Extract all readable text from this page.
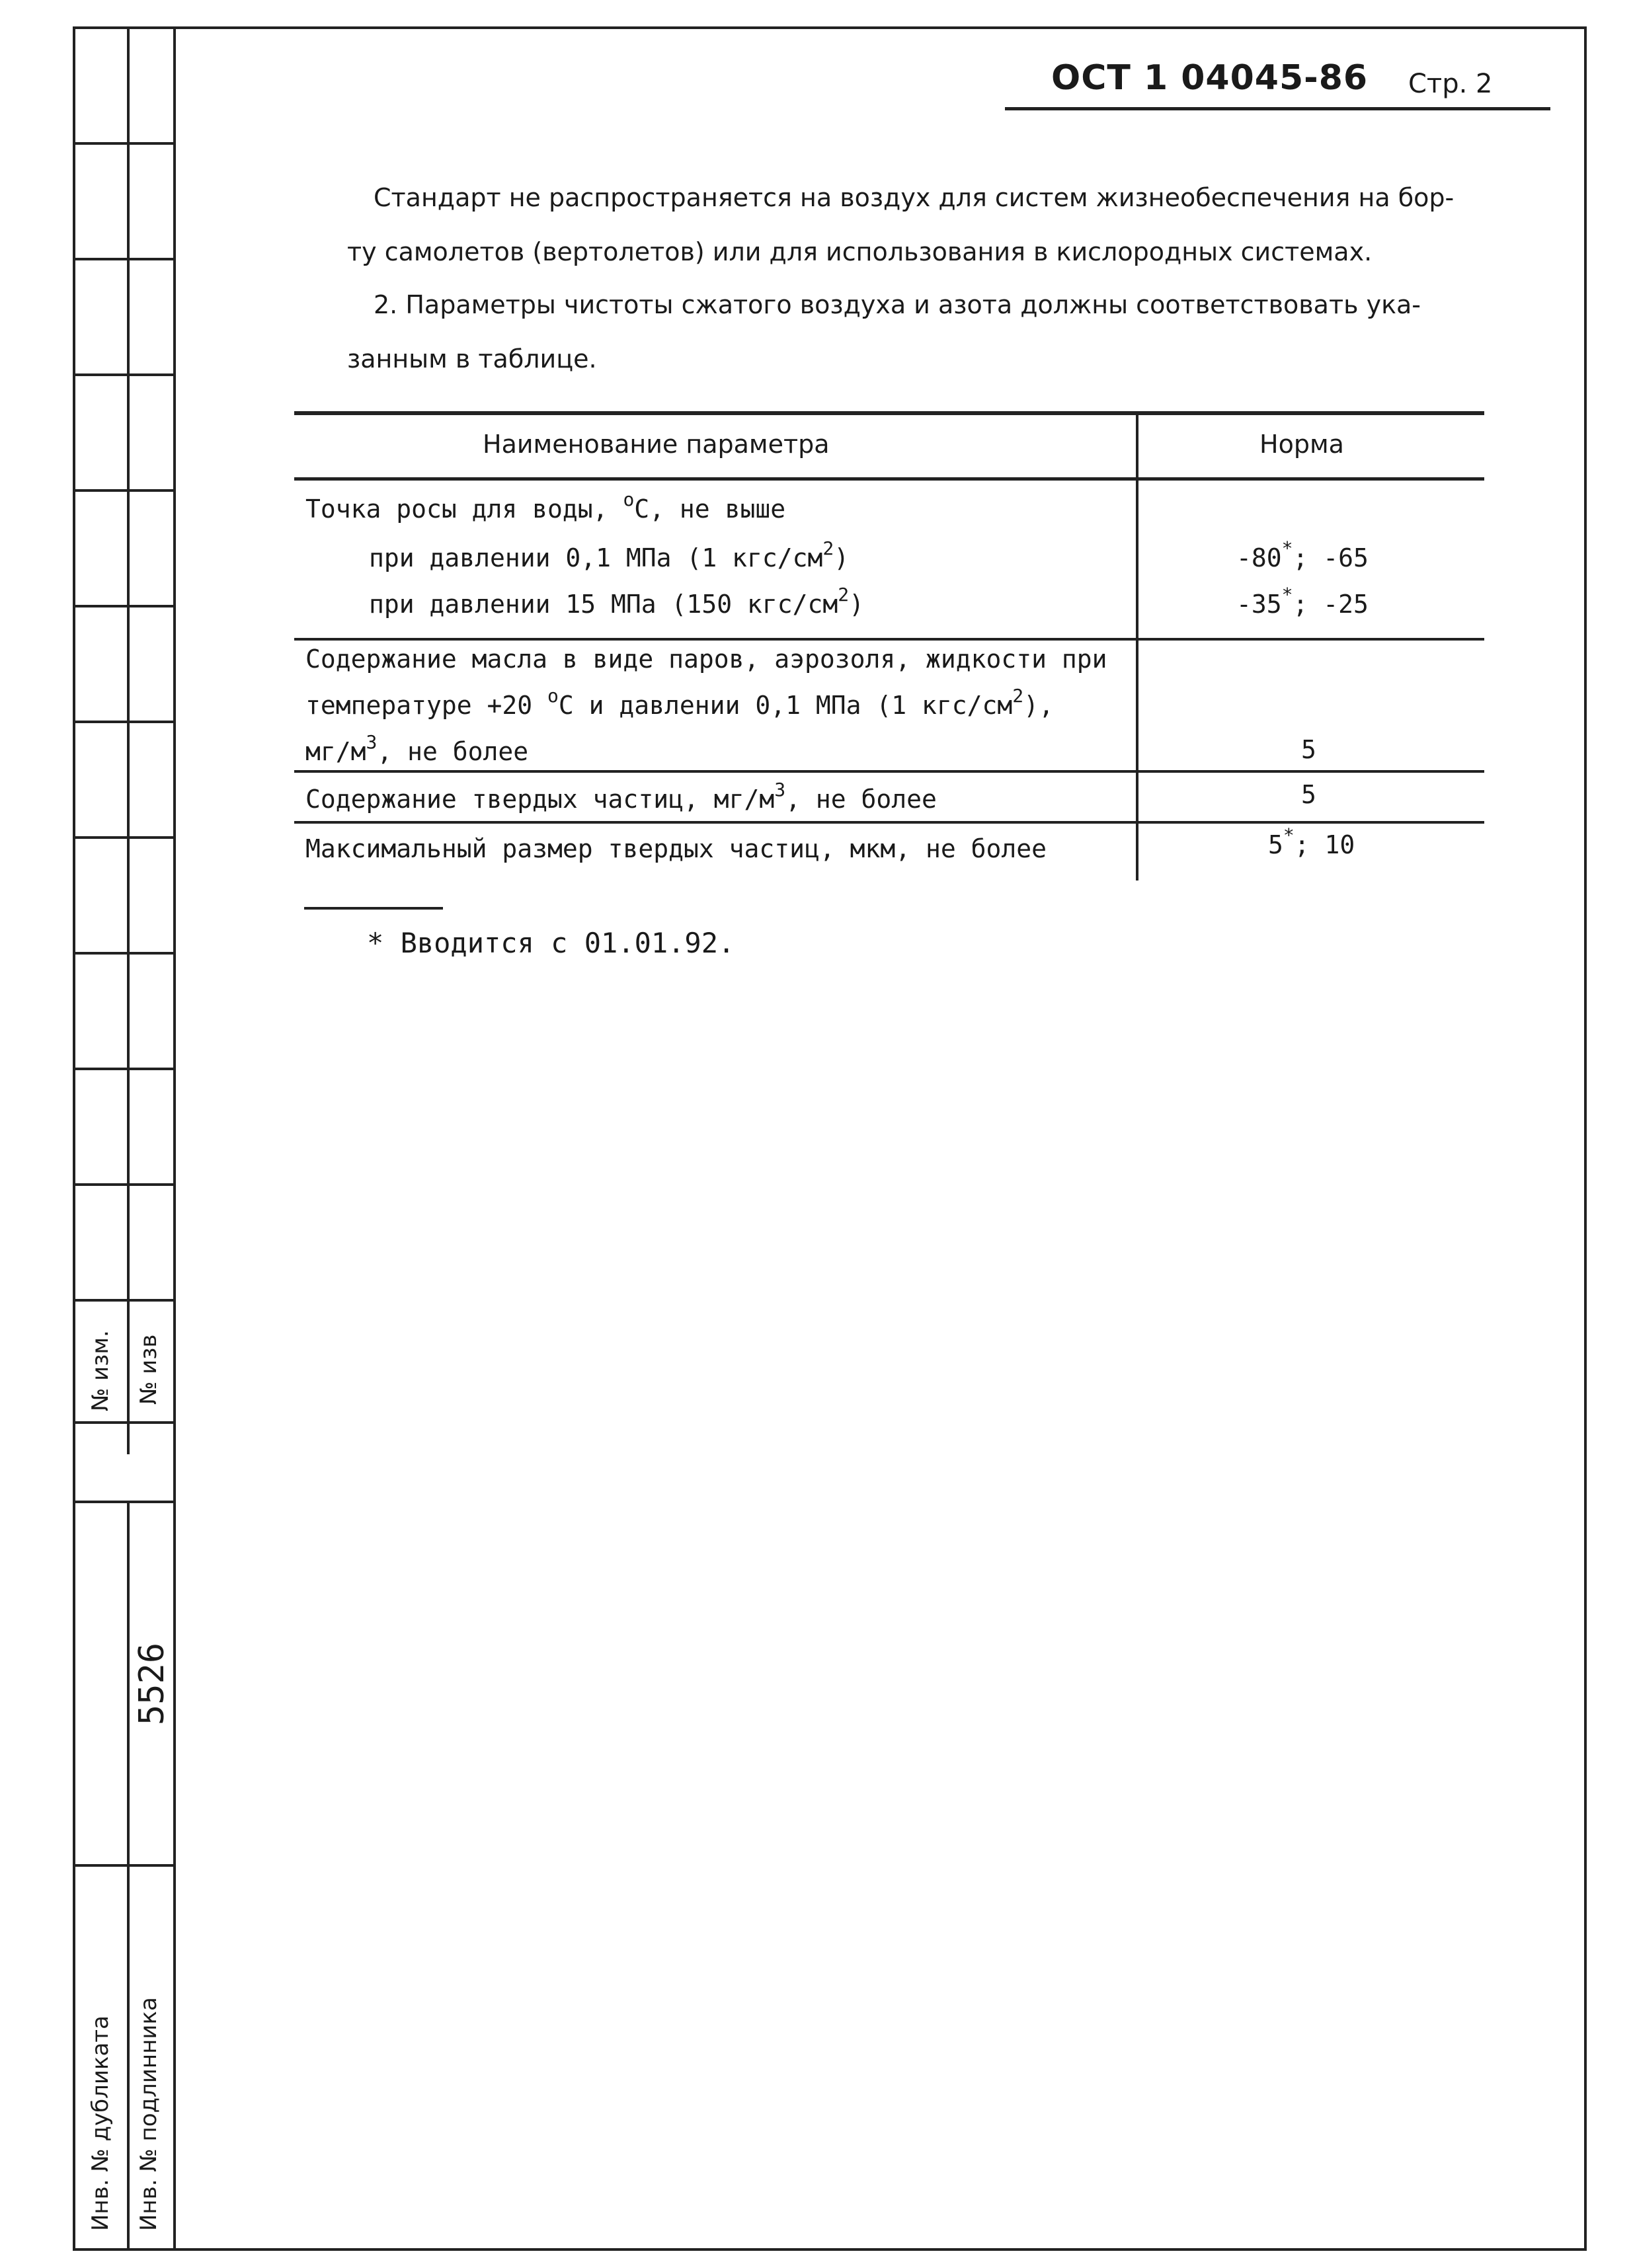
№ изм. № изв
Инв. № дубликата Инв. № подлинника
5526
ОСТ 1 04045-86 Стр. 2
Стандарт не распространяется на воздух для систем жизнеобеспечения на бор-
ту самолетов (вертолетов) или для использования в кислородных системах.
2. Параметры чистоты сжатого воздуха и азота должны соответствовать ука-
занным в таблице.
Наименование параметра	Норма
Точка росы для воды, $^о$С, не выше
при давлении 0,1 МПа (1 кгс/$см^2$)	-80*; -65
при давлении 15 МПа (150 кгс/$см^2$)	-35*; -25
Содержание масла в виде паров, аэрозоля, жидкости при
температуре +20 $^о$С и давлении 0,1 МПа (1 кгс/$см^2$),
$мг/м^3$, не более	5
Содержание твердых частиц, $мг/м^3$, не более	5
Максимальный размер твердых частиц, мкм, не более	5*; 10
* Вводится с 01.01.92.
